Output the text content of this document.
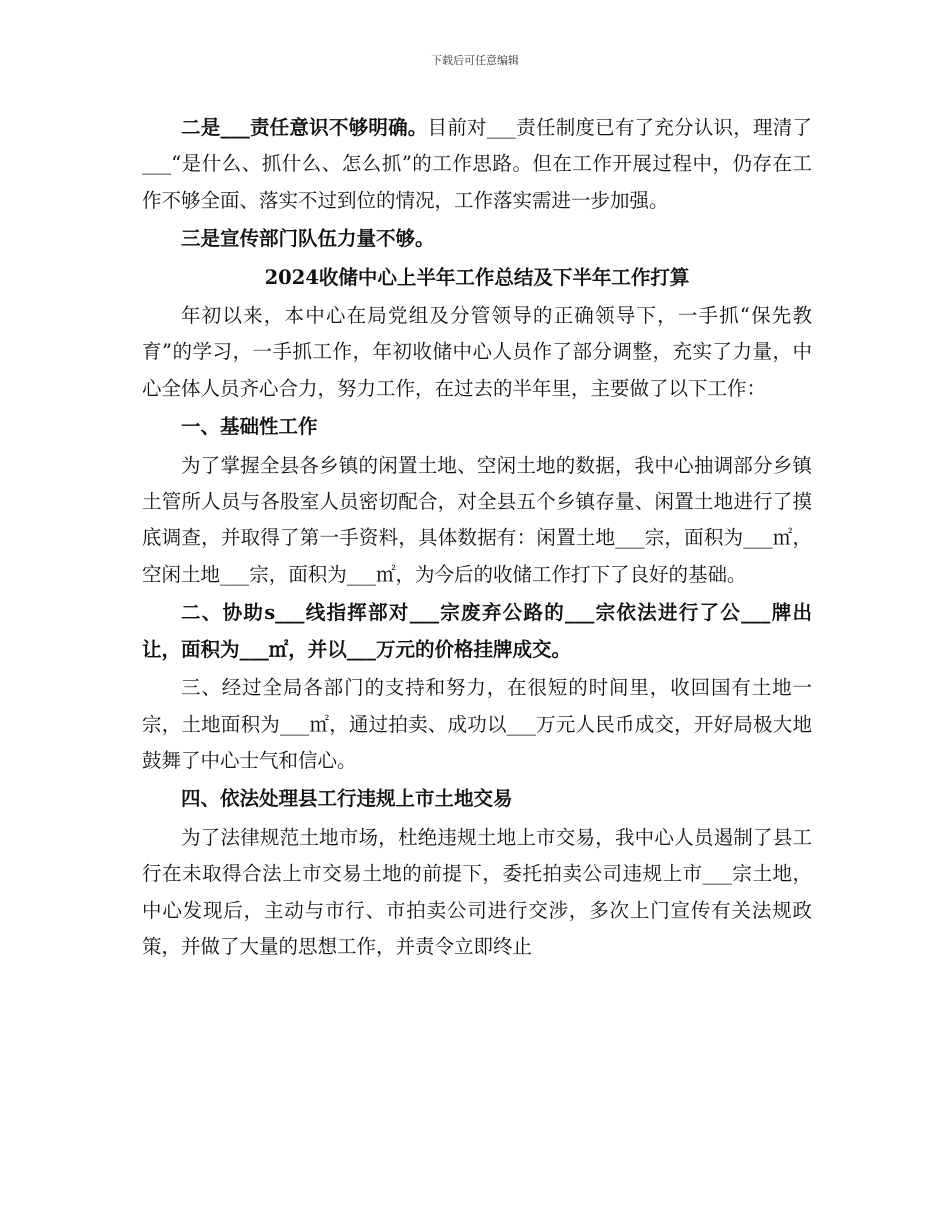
下载后可任意编辑

二是___责任意识不够明确。目前对___责任制度已有了充分认识，理清了___“是什么、抓什么、怎么抓”的工作思路。但在工作开展过程中，仍存在工作不够全面、落实不过到位的情况，工作落实需进一步加强。

三是宣传部门队伍力量不够。

2024收储中心上半年工作总结及下半年工作打算

年初以来，本中心在局党组及分管领导的正确领导下，一手抓“保先教育”的学习，一手抓工作，年初收储中心人员作了部分调整，充实了力量，中心全体人员齐心合力，努力工作，在过去的半年里，主要做了以下工作：

一、基础性工作

为了掌握全县各乡镇的闲置土地、空闲土地的数据，我中心抽调部分乡镇土管所人员与各股室人员密切配合，对全县五个乡镇存量、闲置土地进行了摸底调查，并取得了第一手资料，具体数据有：闲置土地___宗，面积为___㎡，空闲土地___宗，面积为___㎡，为今后的收储工作打下了良好的基础。

二、协助s___线指挥部对___宗废弃公路的___宗依法进行了公___牌出让，面积为___㎡，并以___万元的价格挂牌成交。

三、经过全局各部门的支持和努力，在很短的时间里，收回国有土地一宗，土地面积为___㎡，通过拍卖、成功以___万元人民币成交，开好局极大地鼓舞了中心士气和信心。

四、依法处理县工行违规上市土地交易

为了法律规范土地市场，杜绝违规土地上市交易，我中心人员遏制了县工行在未取得合法上市交易土地的前提下，委托拍卖公司违规上市___宗土地，中心发现后，主动与市行、市拍卖公司进行交涉，多次上门宣传有关法规政策，并做了大量的思想工作，并责令立即终止
